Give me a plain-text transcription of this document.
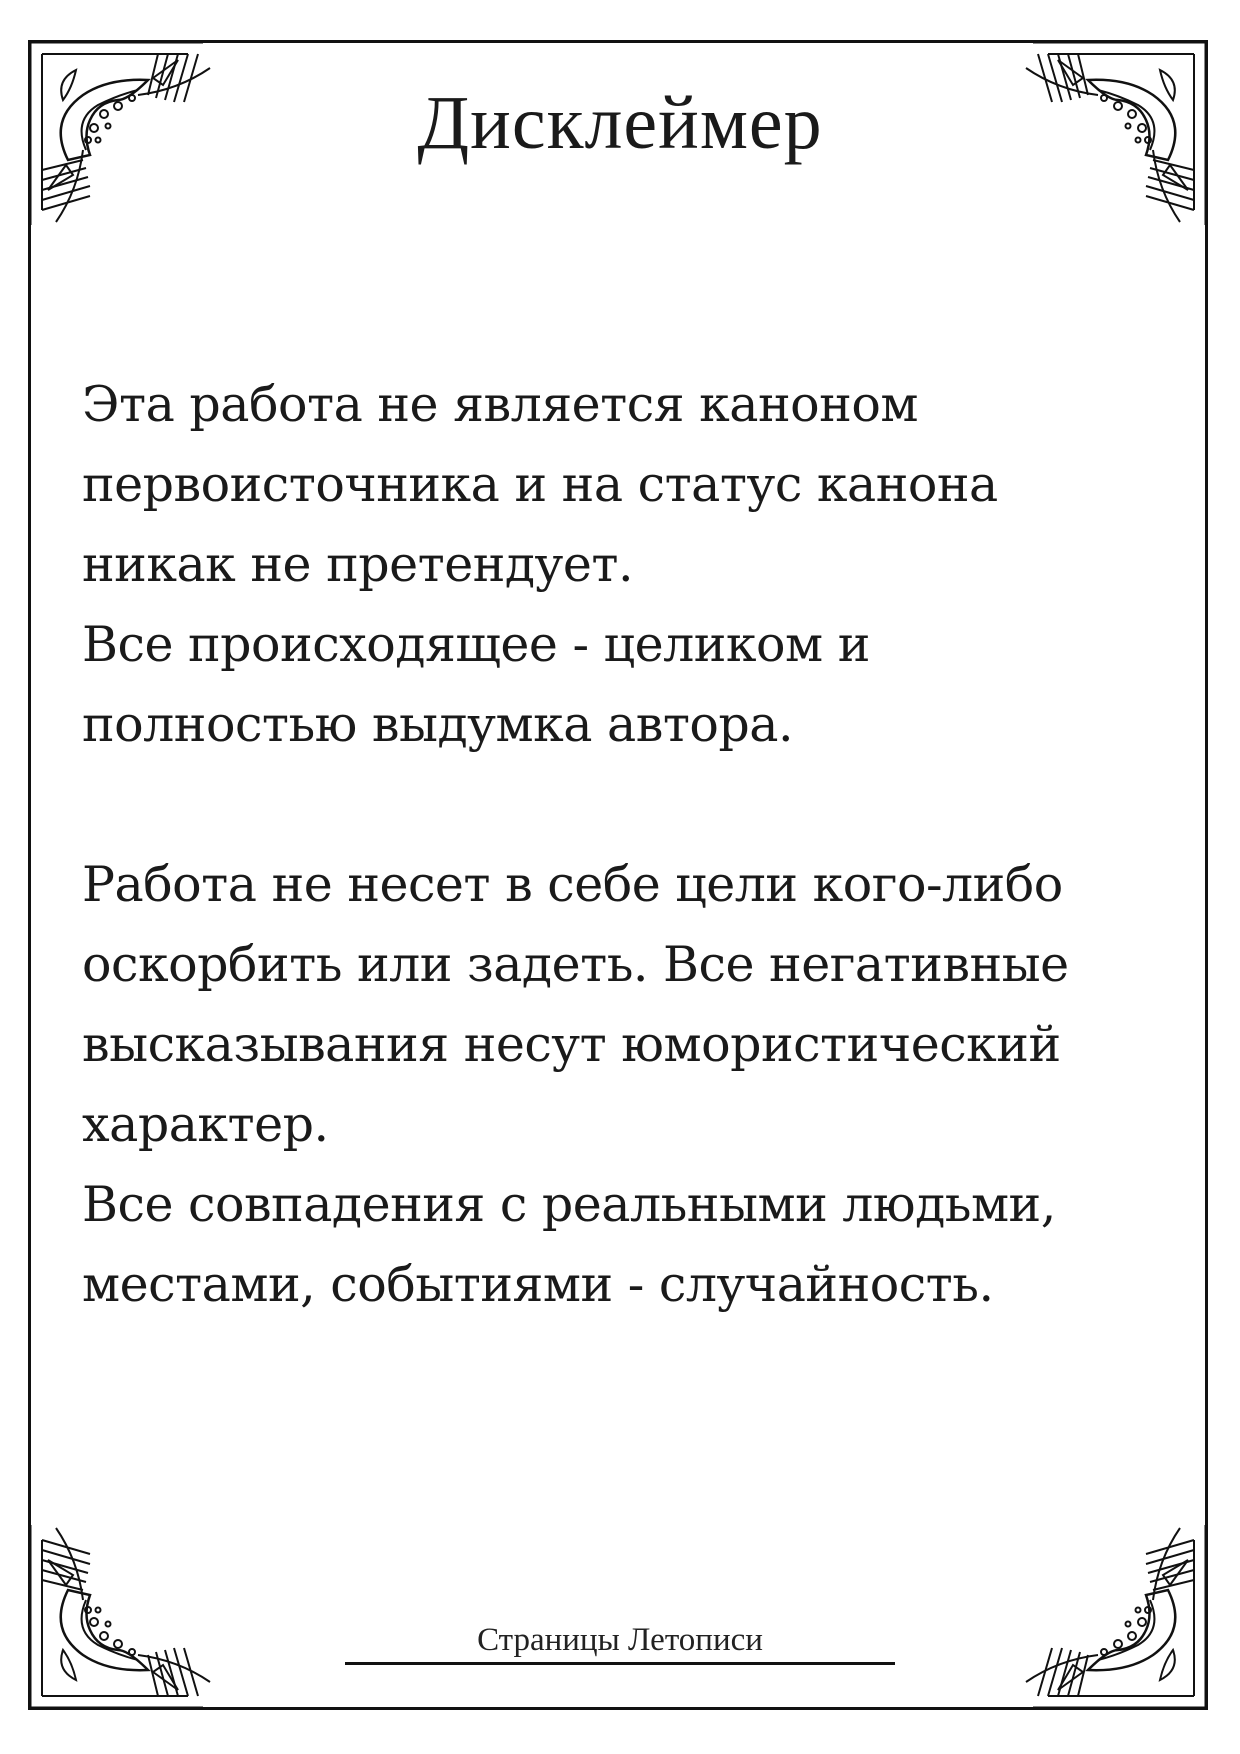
Дисклеймер

Эта работа не является каноном
первоисточника и на статус канона
никак не претендует.
Все происходящее - целиком и
полностью выдумка автора.

Работа не несет в себе цели кого-либо
оскорбить или задеть. Все негативные
высказывания несут юмористический
характер.
Все совпадения с реальными людьми,
местами, событиями - случайность.

Страницы Летописи
